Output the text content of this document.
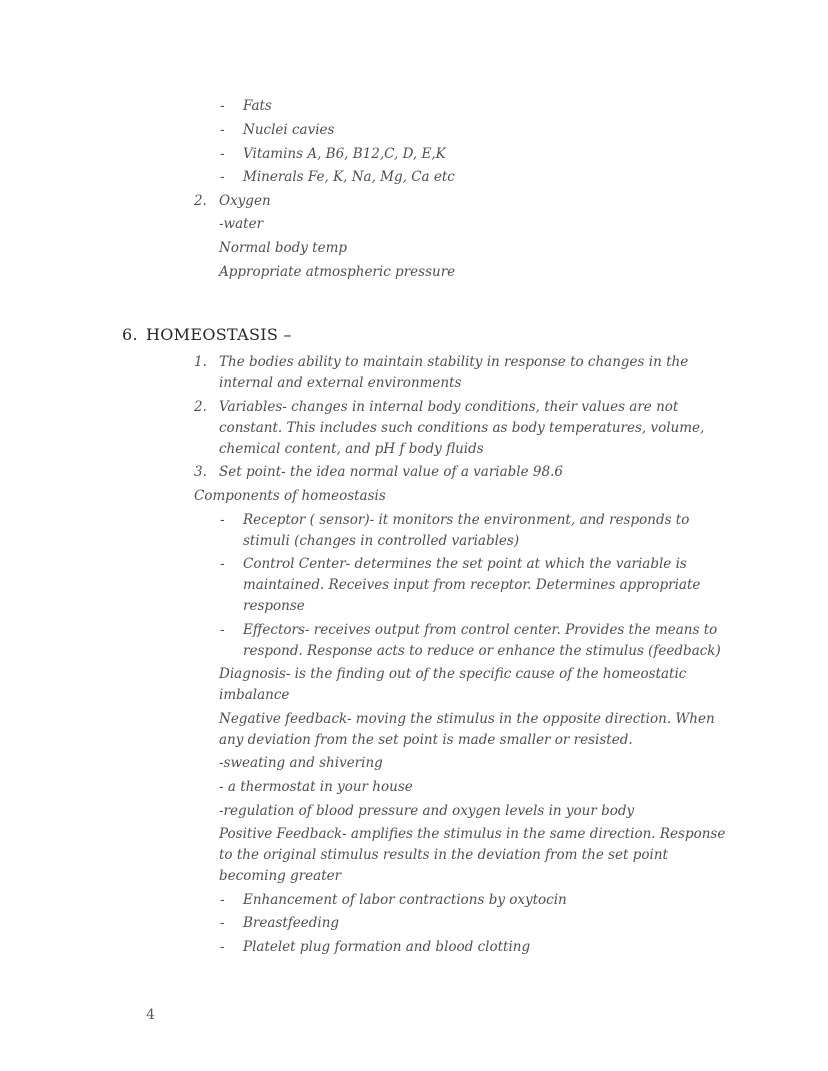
- Fats
- Nuclei cavies
- Vitamins A, B6, B12,C, D, E,K
- Minerals Fe, K, Na, Mg, Ca etc
2. Oxygen
-water
Normal body temp
Appropriate atmospheric pressure
6. HOMEOSTASIS –
1. The bodies ability to maintain stability in response to changes in the
internal and external environments
2. Variables- changes in internal body conditions, their values are not
constant. This includes such conditions as body temperatures, volume,
chemical content, and pH f body fluids
3. Set point- the idea normal value of a variable 98.6
Components of homeostasis
- Receptor ( sensor)- it monitors the environment, and responds to
stimuli (changes in controlled variables)
- Control Center- determines the set point at which the variable is
maintained. Receives input from receptor. Determines appropriate
response
- Effectors- receives output from control center. Provides the means to
respond. Response acts to reduce or enhance the stimulus (feedback)
Diagnosis- is the finding out of the specific cause of the homeostatic
imbalance
Negative feedback- moving the stimulus in the opposite direction. When
any deviation from the set point is made smaller or resisted.
-sweating and shivering
- a thermostat in your house
-regulation of blood pressure and oxygen levels in your body
Positive Feedback- amplifies the stimulus in the same direction. Response
to the original stimulus results in the deviation from the set point
becoming greater
- Enhancement of labor contractions by oxytocin
- Breastfeeding
- Platelet plug formation and blood clotting
4
